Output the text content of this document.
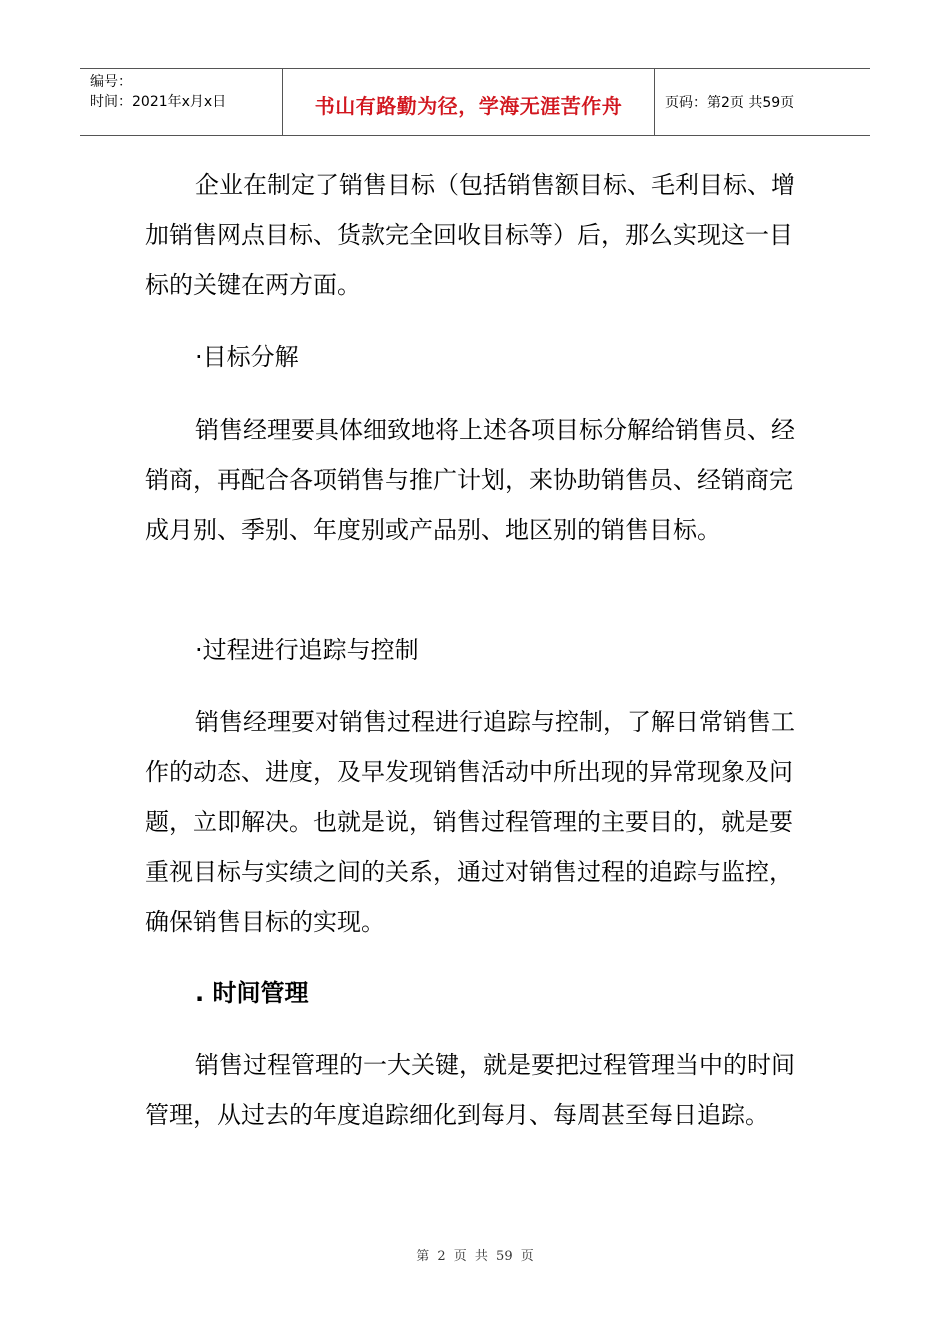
编号：
时间：2021年x月x日	书山有路勤为径，学海无涯苦作舟	页码：第2页 共59页

企业在制定了销售目标（包括销售额目标、毛利目标、增加销售网点目标、货款完全回收目标等）后，那么实现这一目标的关键在两方面。

·目标分解

销售经理要具体细致地将上述各项目标分解给销售员、经销商，再配合各项销售与推广计划，来协助销售员、经销商完成月别、季别、年度别或产品别、地区别的销售目标。

·过程进行追踪与控制

销售经理要对销售过程进行追踪与控制，了解日常销售工作的动态、进度，及早发现销售活动中所出现的异常现象及问题，立即解决。也就是说，销售过程管理的主要目的，就是要重视目标与实绩之间的关系，通过对销售过程的追踪与监控，确保销售目标的实现。

. 时间管理

销售过程管理的一大关键，就是要把过程管理当中的时间管理，从过去的年度追踪细化到每月、每周甚至每日追踪。

第 2 页 共 59 页
